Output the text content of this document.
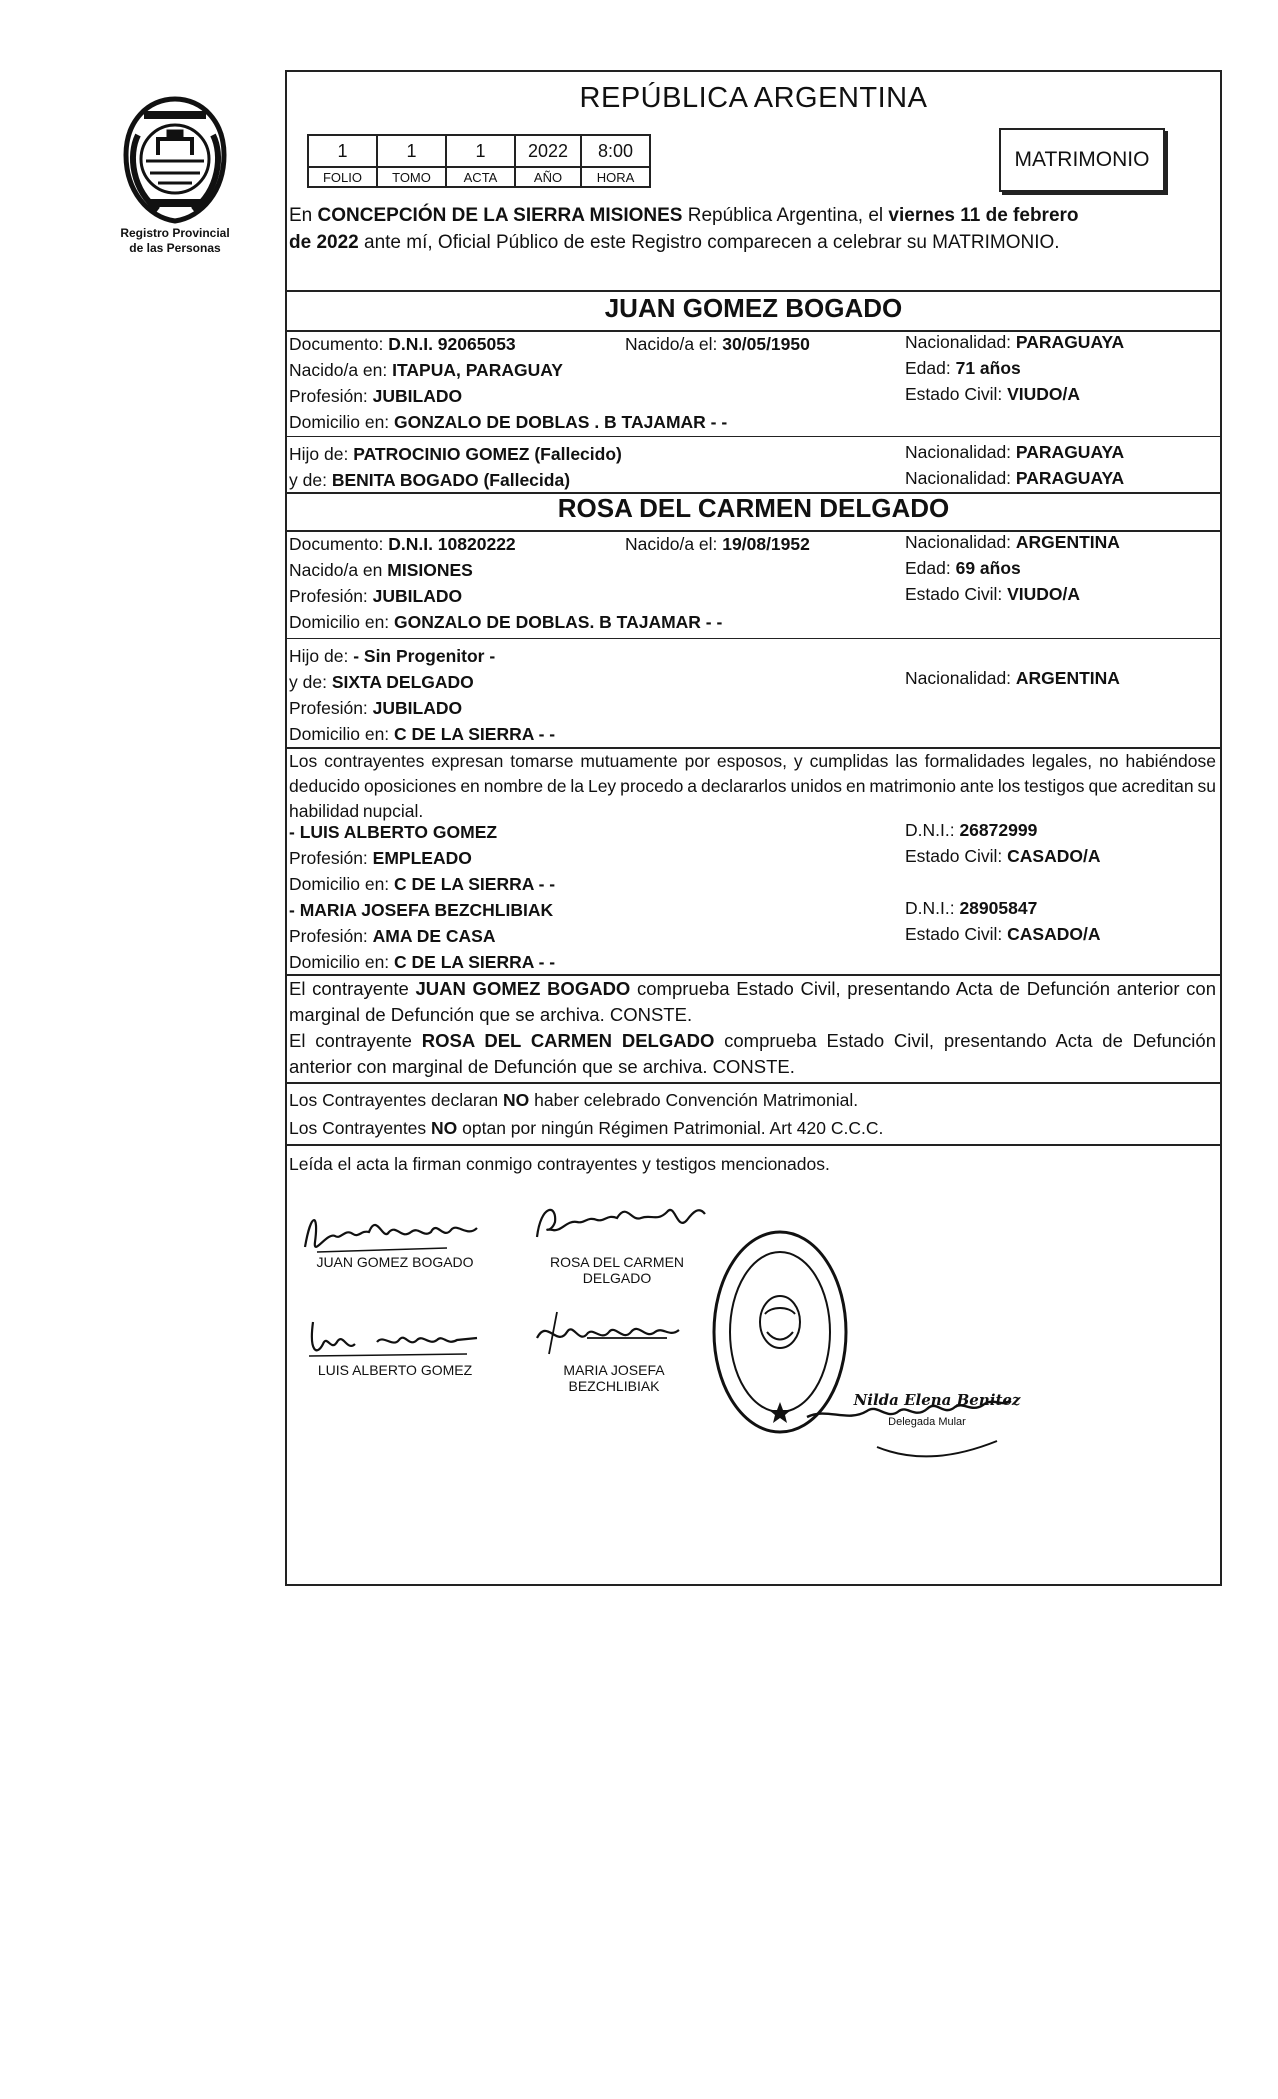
Registro Provincial
de las Personas
REPÚBLICA ARGENTINA
1	1	1	2022	8:00
FOLIO	TOMO	ACTA	AÑO	HORA
MATRIMONIO
En CONCEPCIÓN DE LA SIERRA MISIONES República Argentina, el viernes 11 de febrero
de 2022 ante mí, Oficial Público de este Registro comparecen a celebrar su MATRIMONIO.
JUAN GOMEZ BOGADO
Documento: D.N.I. 92065053	Nacido/a el: 30/05/1950	Nacionalidad: PARAGUAYA
Nacido/a en: ITAPUA, PARAGUAY	Edad: 71 años
Profesión: JUBILADO	Estado Civil: VIUDO/A
Domicilio en: GONZALO DE DOBLAS . B TAJAMAR - -
Hijo de: PATROCINIO GOMEZ (Fallecido)	Nacionalidad: PARAGUAYA
y de: BENITA BOGADO (Fallecida)	Nacionalidad: PARAGUAYA
ROSA DEL CARMEN DELGADO
Documento: D.N.I. 10820222	Nacido/a el: 19/08/1952	Nacionalidad: ARGENTINA
Nacido/a en MISIONES	Edad: 69 años
Profesión: JUBILADO	Estado Civil: VIUDO/A
Domicilio en: GONZALO DE DOBLAS. B TAJAMAR - -
Hijo de: - Sin Progenitor -
y de: SIXTA DELGADO	Nacionalidad: ARGENTINA
Profesión: JUBILADO
Domicilio en: C DE LA SIERRA - -
Los contrayentes expresan tomarse mutuamente por esposos, y cumplidas las formalidades legales, no habiéndose deducido oposiciones en nombre de la Ley procedo a declararlos unidos en matrimonio ante los testigos que acreditan su habilidad nupcial.
- LUIS ALBERTO GOMEZ	D.N.I.: 26872999
Profesión: EMPLEADO	Estado Civil: CASADO/A
Domicilio en: C DE LA SIERRA - -
- MARIA JOSEFA BEZCHLIBIAK	D.N.I.: 28905847
Profesión: AMA DE CASA	Estado Civil: CASADO/A
Domicilio en: C DE LA SIERRA - -
El contrayente JUAN GOMEZ BOGADO comprueba Estado Civil, presentando Acta de Defunción anterior con marginal de Defunción que se archiva. CONSTE.
El contrayente ROSA DEL CARMEN DELGADO comprueba Estado Civil, presentando Acta de Defunción anterior con marginal de Defunción que se archiva. CONSTE.
Los Contrayentes declaran NO haber celebrado Convención Matrimonial.
Los Contrayentes NO optan por ningún Régimen Patrimonial. Art 420 C.C.C.
Leída el acta la firman conmigo contrayentes y testigos mencionados.
JUAN GOMEZ BOGADO	ROSA DEL CARMEN
DELGADO
LUIS ALBERTO GOMEZ	MARIA JOSEFA
BEZCHLIBIAK
Nilda Elena Benitez
Delegada Mular
